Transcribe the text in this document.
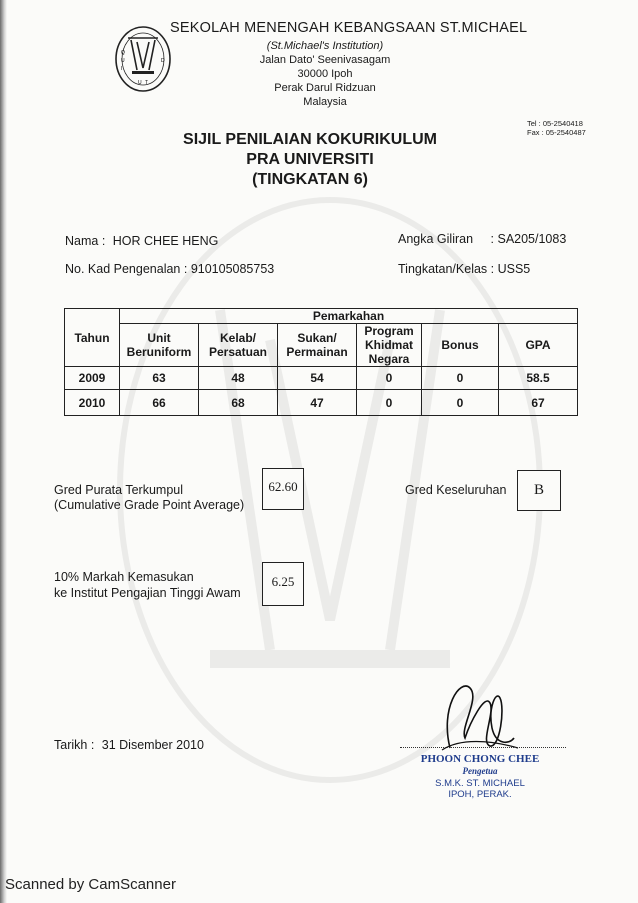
Q
U
I
D
U T
SEKOLAH MENENGAH KEBANGSAAN ST.MICHAEL
(St.Michael's Institution)
Jalan Dato' Seenivasagam
30000 Ipoh
Perak Darul Ridzuan
Malaysia
Tel : 05-2540418
Fax : 05-2540487
SIJIL PENILAIAN KOKURIKULUM
PRA UNIVERSITI
(TINGKATAN 6)
Nama : HOR CHEE HENG	Angka Giliran : SA205/1083
No. Kad Pengenalan : 910105085753	Tingkatan/Kelas : USS5
Tahun	Pemarkahan					
	Unit Beruniform	Kelab/ Persatuan	Sukan/ Permainan	Program Khidmat Negara	Bonus	GPA
2009	63	48	54	0	0	58.5
2010	66	68	47	0	0	67
Gred Purata Terkumpul
(Cumulative Grade Point Average)
62.60	Gred Keseluruhan	B
10% Markah Kemasukan
ke Institut Pengajian Tinggi Awam
6.25
Tarikh : 31 Disember 2010
PHOON CHONG CHEE
Pengetua
S.M.K. ST. MICHAEL
IPOH, PERAK.
Scanned by CamScanner
